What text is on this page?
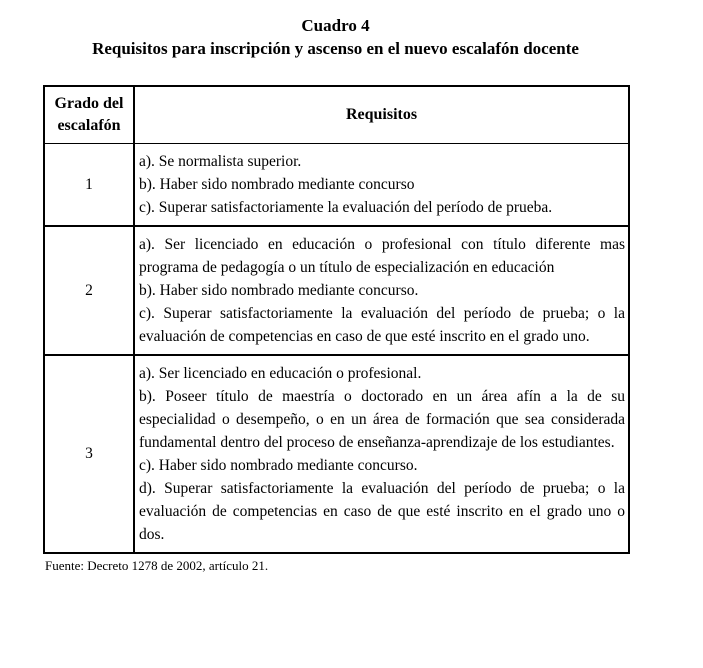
Cuadro 4
Requisitos para inscripción y ascenso en el nuevo escalafón docente
Grado del escalafón	Requisitos
1	a). Se normalista superior.
b). Haber sido nombrado mediante concurso
c). Superar satisfactoriamente la evaluación del período de prueba.

2	a). Ser licenciado en educación o profesional con título diferente mas programa de pedagogía o un título de especialización en educación
b). Haber sido nombrado mediante concurso.
c). Superar satisfactoriamente la evaluación del período de prueba; o la evaluación de competencias en caso de que esté inscrito en el grado uno.

3	a). Ser licenciado en educación o profesional.
b). Poseer título de maestría o doctorado en un área afín a la de su especialidad o desempeño, o en un área de formación que sea considerada fundamental dentro del proceso de enseñanza-aprendizaje de los estudiantes.
c). Haber sido nombrado mediante concurso.
d). Superar satisfactoriamente la evaluación del período de prueba; o la evaluación de competencias en caso de que esté inscrito en el grado uno o dos.
Fuente: Decreto 1278 de 2002, artículo 21.
